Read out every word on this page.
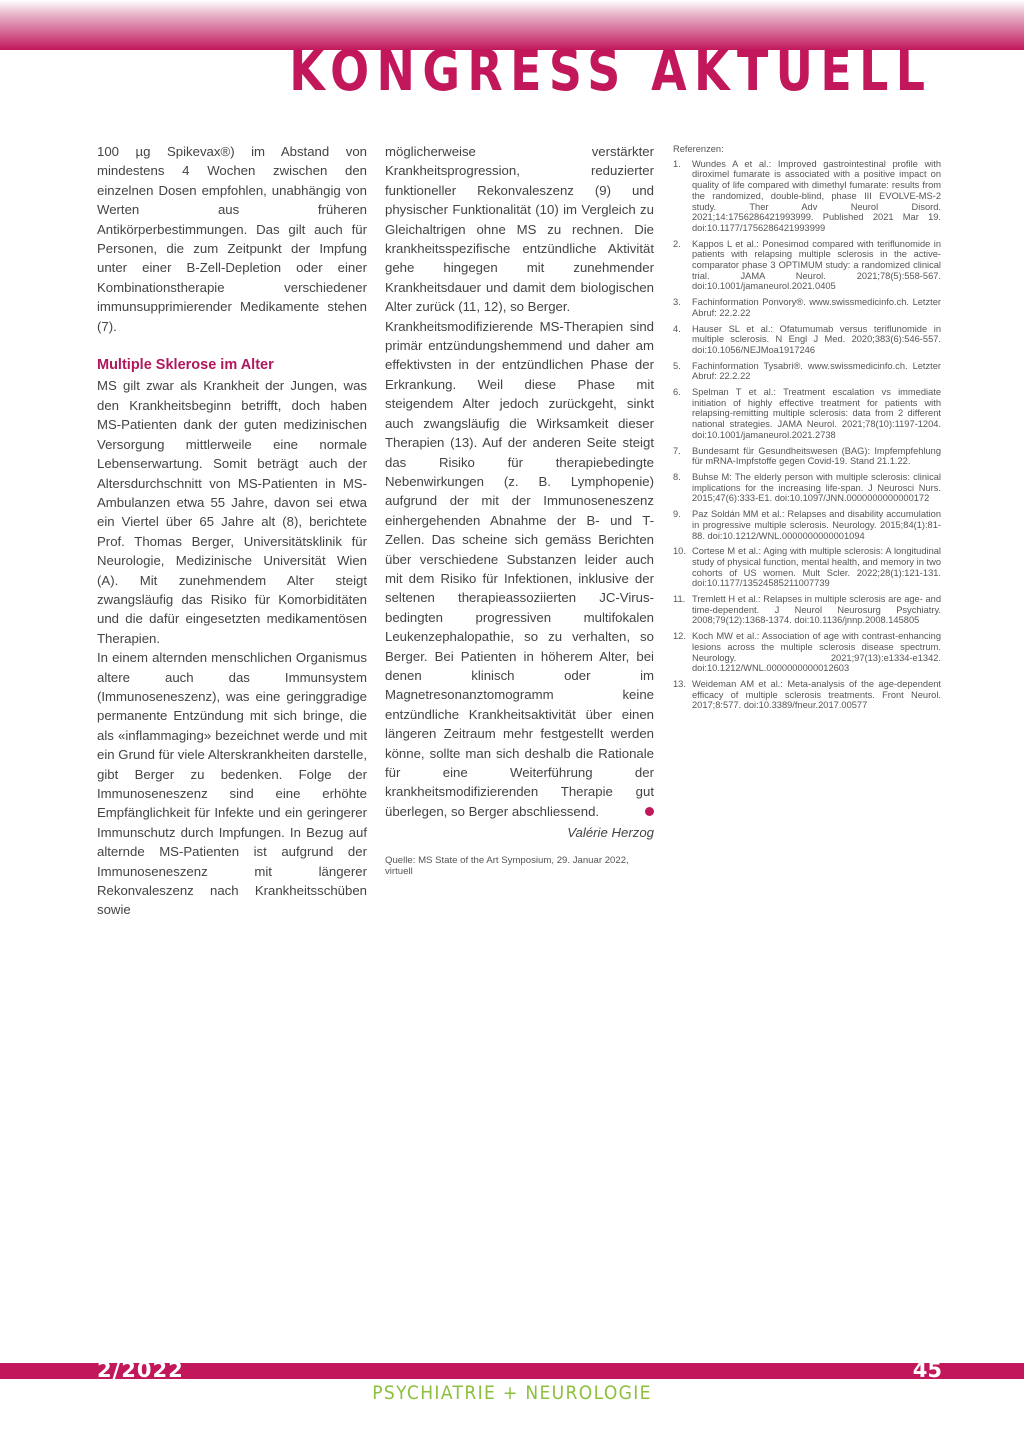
KONGRESS AKTUELL

100 µg Spikevax®) im Abstand von mindestens 4 Wochen zwischen den einzelnen Dosen empfohlen, unabhängig von Werten aus früheren Antikörperbestimmungen. Das gilt auch für Personen, die zum Zeitpunkt der Impfung unter einer B-Zell-Depletion oder einer Kombinationstherapie verschiedener immunsupprimierender Medikamente stehen (7).

Multiple Sklerose im Alter

MS gilt zwar als Krankheit der Jungen, was den Krankheitsbeginn betrifft, doch haben MS-Patienten dank der guten medizinischen Versorgung mittlerweile eine normale Lebenserwartung. Somit beträgt auch der Altersdurchschnitt von MS-Patienten in MS-Ambulanzen etwa 55 Jahre, davon sei etwa ein Viertel über 65 Jahre alt (8), berichtete Prof. Thomas Berger, Universitätsklinik für Neurologie, Medizinische Universität Wien (A). Mit zunehmendem Alter steigt zwangsläufig das Risiko für Komorbiditäten und die dafür eingesetzten medikamentösen Therapien.

In einem alternden menschlichen Organismus altere auch das Immunsystem (Immunoseneszenz), was eine geringgradige permanente Entzündung mit sich bringe, die als «inflammaging» bezeichnet werde und mit ein Grund für viele Alterskrankheiten darstelle, gibt Berger zu bedenken. Folge der Immunoseneszenz sind eine erhöhte Empfänglichkeit für Infekte und ein geringerer Immunschutz durch Impfungen. In Bezug auf alternde MS-Patienten ist aufgrund der Immunoseneszenz mit längerer Rekonvaleszenz nach Krankheitsschüben sowie

möglicherweise verstärkter Krankheitsprogression, reduzierter funktioneller Rekonvaleszenz (9) und physischer Funktionalität (10) im Vergleich zu Gleichaltrigen ohne MS zu rechnen. Die krankheitsspezifische entzündliche Aktivität gehe hingegen mit zunehmender Krankheitsdauer und damit dem biologischen Alter zurück (11, 12), so Berger.

Krankheitsmodifizierende MS-Therapien sind primär entzündungshemmend und daher am effektivsten in der entzündlichen Phase der Erkrankung. Weil diese Phase mit steigendem Alter jedoch zurückgeht, sinkt auch zwangsläufig die Wirksamkeit dieser Therapien (13). Auf der anderen Seite steigt das Risiko für therapiebedingte Nebenwirkungen (z. B. Lymphopenie) aufgrund der mit der Immunoseneszenz einhergehenden Abnahme der B- und T-Zellen. Das scheine sich gemäss Berichten über verschiedene Substanzen leider auch mit dem Risiko für Infektionen, inklusive der seltenen therapieassoziierten JC-Virus- bedingten progressiven multifokalen Leukenzephalopathie, so zu verhalten, so Berger. Bei Patienten in höherem Alter, bei denen klinisch oder im Magnetresonanztomogramm keine entzündliche Krankheitsaktivität über einen längeren Zeitraum mehr festgestellt werden könne, sollte man sich deshalb die Rationale für eine Weiterführung der krankheitsmodifizierenden Therapie gut überlegen, so Berger abschliessend.

Valérie Herzog
Quelle: MS State of the Art Symposium, 29. Januar 2022, virtuell
Referenzen:
1.	Wundes A et al.: Improved gastrointestinal profile with diroximel fumarate is associated with a positive impact on quality of life compared with dimethyl fumarate: results from the randomized, double-blind, phase III EVOLVE-MS-2 study. Ther Adv Neurol Disord. 2021;14:1756286421993999. Published 2021 Mar 19. doi:10.1177/1756286421993999
2.	Kappos L et al.: Ponesimod compared with teriflunomide in patients with relapsing multiple sclerosis in the active-comparator phase 3 OPTIMUM study: a randomized clinical trial. JAMA Neurol. 2021;78(5):558-567. doi:10.1001/jamaneurol.2021.0405
3.	Fachinformation Ponvory®. www.swissmedicinfo.ch. Letzter Abruf: 22.2.22
4.	Hauser SL et al.: Ofatumumab versus teriflunomide in multiple sclerosis. N Engl J Med. 2020;383(6):546-557. doi:10.1056/NEJMoa1917246
5.	Fachinformation Tysabri®. www.swissmedicinfo.ch. Letzter Abruf: 22.2.22
6.	Spelman T et al.: Treatment escalation vs immediate initiation of highly effective treatment for patients with relapsing-remitting multiple sclerosis: data from 2 different national strategies. JAMA Neurol. 2021;78(10):1197-1204. doi:10.1001/jamaneurol.2021.2738
7.	Bundesamt für Gesundheitswesen (BAG): Impfempfehlung für mRNA-Impfstoffe gegen Covid-19. Stand 21.1.22.
8.	Buhse M: The elderly person with multiple sclerosis: clinical implications for the increasing life-span. J Neurosci Nurs. 2015;47(6):333-E1. doi:10.1097/JNN.0000000000000172
9.	Paz Soldán MM et al.: Relapses and disability accumulation in progressive multiple sclerosis. Neurology. 2015;84(1):81-88. doi:10.1212/WNL.0000000000001094
10. Cortese M et al.: Aging with multiple sclerosis: A longitudinal study of physical function, mental health, and memory in two cohorts of US women. Mult Scler. 2022;28(1):121-131. doi:10.1177/13524585211007739
11. Tremlett H et al.: Relapses in multiple sclerosis are age- and time-dependent. J Neurol Neurosurg Psychiatry. 2008;79(12):1368-1374. doi:10.1136/jnnp.2008.145805
12. Koch MW et al.: Association of age with contrast-enhancing lesions across the multiple sclerosis disease spectrum. Neurology. 2021;97(13):e1334-e1342. doi:10.1212/WNL.0000000000012603
13. Weideman AM et al.: Meta-analysis of the age-dependent efficacy of multiple sclerosis treatments. Front Neurol. 2017;8:577. doi:10.3389/fneur.2017.00577
2/2022	45
PSYCHIATRIE + NEUROLOGIE
